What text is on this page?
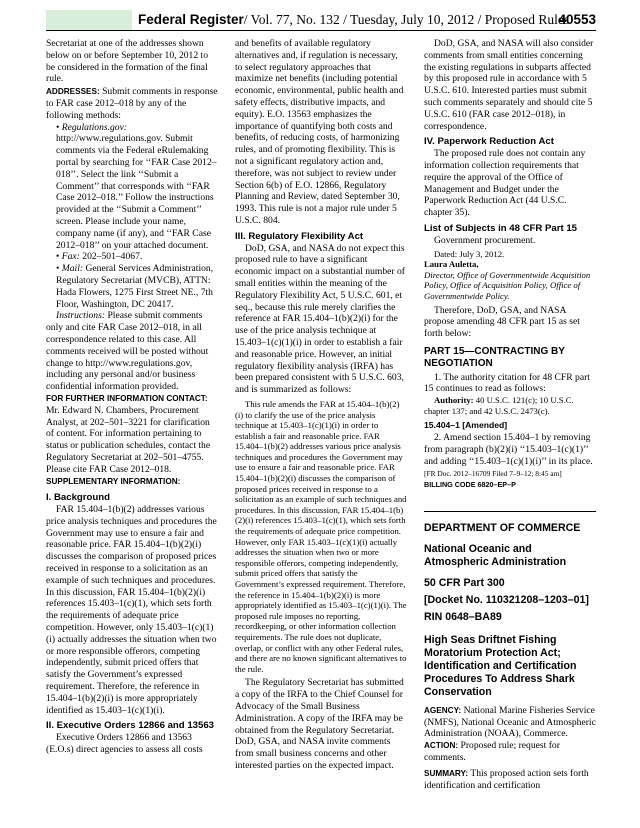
Federal Register/ Vol. 77, No. 132 / Tuesday, July 10, 2012 / Proposed Rules
40553

Secretariat at one of the addresses shown below on or before September 10, 2012 to be considered in the formation of the final rule.

ADDRESSES: Submit comments in response to FAR case 2012–018 by any of the following methods:

• Regulations.gov: http://www.regulations.gov. Submit comments via the Federal eRulemaking portal by searching for ‘‘FAR Case 2012–018’’. Select the link ‘‘Submit a Comment’’ that corresponds with ‘‘FAR Case 2012–018.’’ Follow the instructions provided at the ‘‘Submit a Comment’’ screen. Please include your name, company name (if any), and ‘‘FAR Case 2012–018’’ on your attached document.

• Fax: 202–501–4067.

• Mail: General Services Administration, Regulatory Secretariat (MVCB), ATTN: Hada Flowers, 1275 First Street NE., 7th Floor, Washington, DC 20417.

Instructions: Please submit comments only and cite FAR Case 2012–018, in all correspondence related to this case. All comments received will be posted without change to http://www.regulations.gov, including any personal and/or business confidential information provided.

FOR FURTHER INFORMATION CONTACT: Mr. Edward N. Chambers, Procurement Analyst, at 202–501–3221 for clarification of content. For information pertaining to status or publication schedules, contact the Regulatory Secretariat at 202–501–4755. Please cite FAR Case 2012–018.

SUPPLEMENTARY INFORMATION:

I. Background

FAR 15.404–1(b)(2) addresses various price analysis techniques and procedures the Government may use to ensure a fair and reasonable price. FAR 15.404–1(b)(2)(i) discusses the comparison of proposed prices received in response to a solicitation as an example of such techniques and procedures. In this discussion, FAR 15.404–1(b)(2)(i) references 15.403–1(c)(1), which sets forth the requirements of adequate price competition. However, only 15.403–1(c)(1)(i) actually addresses the situation when two or more responsible offerors, competing independently, submit priced offers that satisfy the Government’s expressed requirement. Therefore, the reference in 15.404–1(b)(2)(i) is more appropriately identified as 15.403–1(c)(1)(i).

II. Executive Orders 12866 and 13563

Executive Orders 12866 and 13563 (E.O.s) direct agencies to assess all costs

and benefits of available regulatory alternatives and, if regulation is necessary, to select regulatory approaches that maximize net benefits (including potential economic, environmental, public health and safety effects, distributive impacts, and equity). E.O. 13563 emphasizes the importance of quantifying both costs and benefits, of reducing costs, of harmonizing rules, and of promoting flexibility. This is not a significant regulatory action and, therefore, was not subject to review under Section 6(b) of E.O. 12866, Regulatory Planning and Review, dated September 30, 1993. This rule is not a major rule under 5 U.S.C. 804.

III. Regulatory Flexibility Act

DoD, GSA, and NASA do not expect this proposed rule to have a significant economic impact on a substantial number of small entities within the meaning of the Regulatory Flexibility Act, 5 U.S.C. 601, et seq., because this rule merely clarifies the reference at FAR 15.404–1(b)(2)(i) for the use of the price analysis technique at 15.403–1(c)(1)(i) in order to establish a fair and reasonable price. However, an initial regulatory flexibility analysis (IRFA) has been prepared consistent with 5 U.S.C. 603, and is summarized as follows:

This rule amends the FAR at 15.404–1(b)(2)(i) to clarify the use of the price analysis technique at 15.403–1(c)(1)(i) in order to establish a fair and reasonable price. FAR 15.404–1(b)(2) addresses various price analysis techniques and procedures the Government may use to ensure a fair and reasonable price. FAR 15.404–1(b)(2)(i) discusses the comparison of proposed prices received in response to a solicitation as an example of such techniques and procedures. In this discussion, FAR 15.404–1(b)(2)(i) references 15.403–1(c)(1), which sets forth the requirements of adequate price competition. However, only FAR 15.403–1(c)(1)(i) actually addresses the situation when two or more responsible offerors, competing independently, submit priced offers that satisfy the Government’s expressed requirement. Therefore, the reference in 15.404–1(b)(2)(i) is more appropriately identified as 15.403–1(c)(1)(i). The proposed rule imposes no reporting, recordkeeping, or other information collection requirements. The rule does not duplicate, overlap, or conflict with any other Federal rules, and there are no known significant alternatives to the rule.

The Regulatory Secretariat has submitted a copy of the IRFA to the Chief Counsel for Advocacy of the Small Business Administration. A copy of the IRFA may be obtained from the Regulatory Secretariat. DoD, GSA, and NASA invite comments from small business concerns and other interested parties on the expected impact.

DoD, GSA, and NASA will also consider comments from small entities concerning the existing regulations in subparts affected by this proposed rule in accordance with 5 U.S.C. 610. Interested parties must submit such comments separately and should cite 5 U.S.C. 610 (FAR case 2012–018), in correspondence.

IV. Paperwork Reduction Act

The proposed rule does not contain any information collection requirements that require the approval of the Office of Management and Budget under the Paperwork Reduction Act (44 U.S.C. chapter 35).

List of Subjects in 48 CFR Part 15

Government procurement.

Dated: July 3, 2012.

Laura Auletta,

Director, Office of Governmentwide Acquisition Policy, Office of Acquisition Policy, Office of Governmentwide Policy.

Therefore, DoD, GSA, and NASA propose amending 48 CFR part 15 as set forth below:

PART 15—CONTRACTING BY NEGOTIATION

1. The authority citation for 48 CFR part 15 continues to read as follows:

Authority: 40 U.S.C. 121(c); 10 U.S.C. chapter 137; and 42 U.S.C. 2473(c).

15.404–1 [Amended]

2. Amend section 15.404–1 by removing from paragraph (b)(2)(i) ‘‘15.403–1(c)(1)’’ and adding ‘‘15.403–1(c)(1)(i)’’ in its place.

[FR Doc. 2012–16709 Filed 7–9–12; 8:45 am]

BILLING CODE 6820–EP–P

DEPARTMENT OF COMMERCE

National Oceanic and Atmospheric Administration

50 CFR Part 300

[Docket No. 110321208–1203–01]

RIN 0648–BA89

High Seas Driftnet Fishing Moratorium Protection Act; Identification and Certification Procedures To Address Shark Conservation

AGENCY: National Marine Fisheries Service (NMFS), National Oceanic and Atmospheric Administration (NOAA), Commerce.

ACTION: Proposed rule; request for comments.

SUMMARY: This proposed action sets forth identification and certification
